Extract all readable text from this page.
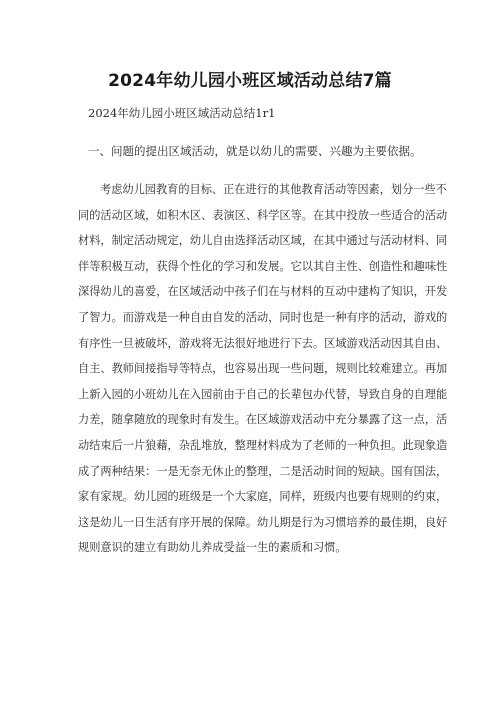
2024年幼儿园小班区域活动总结7篇
2024年幼儿园小班区域活动总结1r1
一、问题的提出区域活动，就是以幼儿的需要、兴趣为主要依据。
考虑幼儿园教育的目标、正在进行的其他教育活动等因素，划分一些不
同的活动区域，如积木区、表演区、科学区等。在其中投放一些适合的活动
材料，制定活动规定，幼儿自由选择活动区域，在其中通过与活动材料、同
伴等积极互动，获得个性化的学习和发展。它以其自主性、创造性和趣味性
深得幼儿的喜爱，在区域活动中孩子们在与材料的互动中建构了知识，开发
了智力。而游戏是一种自由自发的活动，同时也是一种有序的活动，游戏的
有序性一旦被破坏，游戏将无法很好地进行下去。区域游戏活动因其自由、
自主、教师间接指导等特点，也容易出现一些问题，规则比较难建立。再加
上新入园的小班幼儿在入园前由于自己的长辈包办代替，导致自身的自理能
力差，随拿随放的现象时有发生。在区域游戏活动中充分暴露了这一点，活
动结束后一片狼藉，杂乱堆放，整理材料成为了老师的一种负担。此现象造
成了两种结果：一是无奈无休止的整理，二是活动时间的短缺。国有国法，
家有家规。幼儿园的班级是一个大家庭，同样，班级内也要有规则的约束，
这是幼儿一日生活有序开展的保障。幼儿期是行为习惯培养的最佳期，良好
规则意识的建立有助幼儿养成受益一生的素质和习惯。
